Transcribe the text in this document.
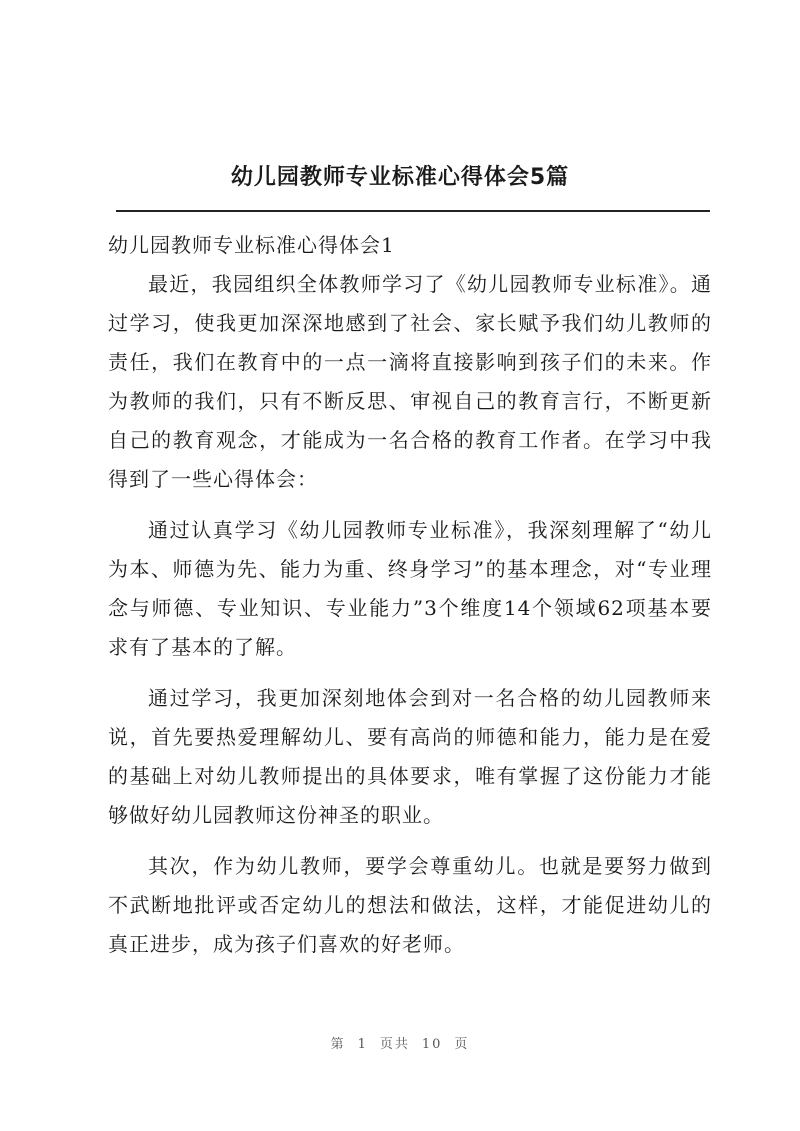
幼儿园教师专业标准心得体会5篇

幼儿园教师专业标准心得体会1

最近，我园组织全体教师学习了《幼儿园教师专业标准》。通过学习，使我更加深深地感到了社会、家长赋予我们幼儿教师的责任，我们在教育中的一点一滴将直接影响到孩子们的未来。作为教师的我们，只有不断反思、审视自己的教育言行，不断更新自己的教育观念，才能成为一名合格的教育工作者。在学习中我得到了一些心得体会：

通过认真学习《幼儿园教师专业标准》，我深刻理解了“幼儿为本、师德为先、能力为重、终身学习”的基本理念，对“专业理念与师德、专业知识、专业能力”3个维度14个领域62项基本要求有了基本的了解。

通过学习，我更加深刻地体会到对一名合格的幼儿园教师来说，首先要热爱理解幼儿、要有高尚的师德和能力，能力是在爱的基础上对幼儿教师提出的具体要求，唯有掌握了这份能力才能够做好幼儿园教师这份神圣的职业。

其次，作为幼儿教师，要学会尊重幼儿。也就是要努力做到不武断地批评或否定幼儿的想法和做法，这样，才能促进幼儿的真正进步，成为孩子们喜欢的好老师。

第 1 页共 10 页
